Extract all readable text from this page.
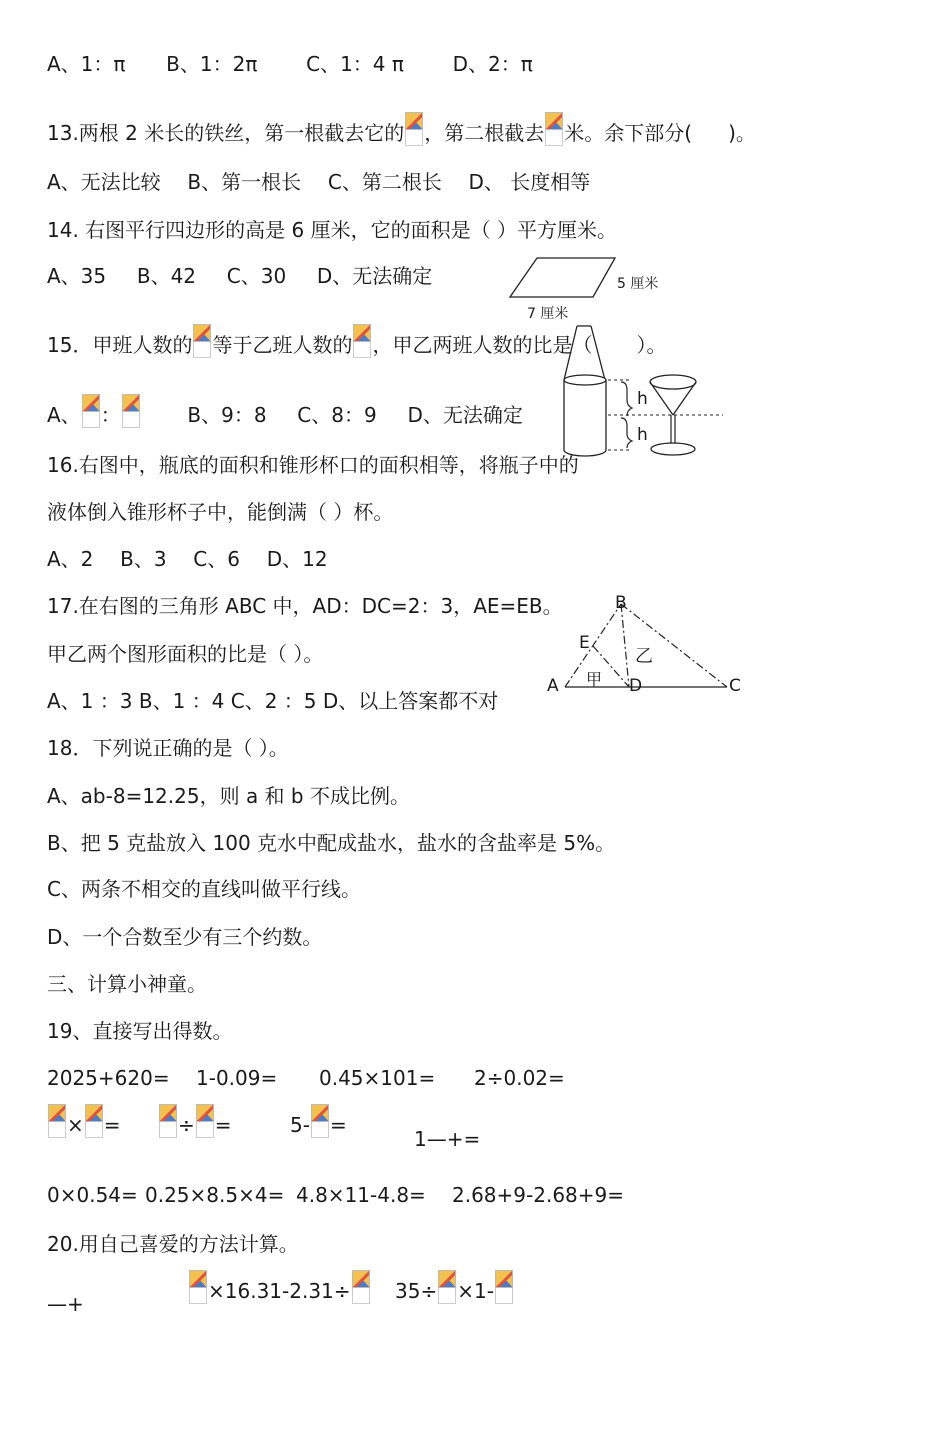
A、1：π B、1：2π C、1：4 π D、2：π
13.两根 2 米长的铁丝，第一根截去它的 ，第二根截去 米。余下部分( )。
A、无法比较 B、第一根长 C、第二根长 D、 长度相等
14. 右图平行四边形的高是 6 厘米，它的面积是（ ）平方厘米。
A、35 B、42 C、30 D、无法确定	5 厘米
7 厘米
15．甲班人数的 等于乙班人数的 ，甲乙两班人数的比是（ ）。
A、 ：	B、9：8 C、8：9 D、无法确定
h
h
16.右图中，瓶底的面积和锥形杯口的面积相等，将瓶子中的
液体倒入锥形杯子中，能倒满（ ）杯。
A、2 B、3 C、6 D、12
17.在右图的三角形 ABC 中，AD：DC=2：3，AE=EB。
甲乙两个图形面积的比是（ ）。
A、1 ：3 B、1 ：4 C、2 ：5 D、以上答案都不对
A
B
C
D
E
甲
乙
18．下列说正确的是（ ）。
A、ab-8=12.25，则 a 和 b 不成比例。
B、把 5 克盐放入 100 克水中配成盐水，盐水的含盐率是 5%。
C、两条不相交的直线叫做平行线。
D、一个合数至少有三个约数。
三、计算小神童。
19、直接写出得数。
2025+620= 1-0.09= 0.45×101= 2÷0.02=
× =	÷ =	5- =
1—+=
0×0.54= 0.25×8.5×4= 4.8×11-4.8= 2.68+9-2.68+9=
20.用自己喜爱的方法计算。
—+
×16.31-2.31÷	35÷ ×1-
